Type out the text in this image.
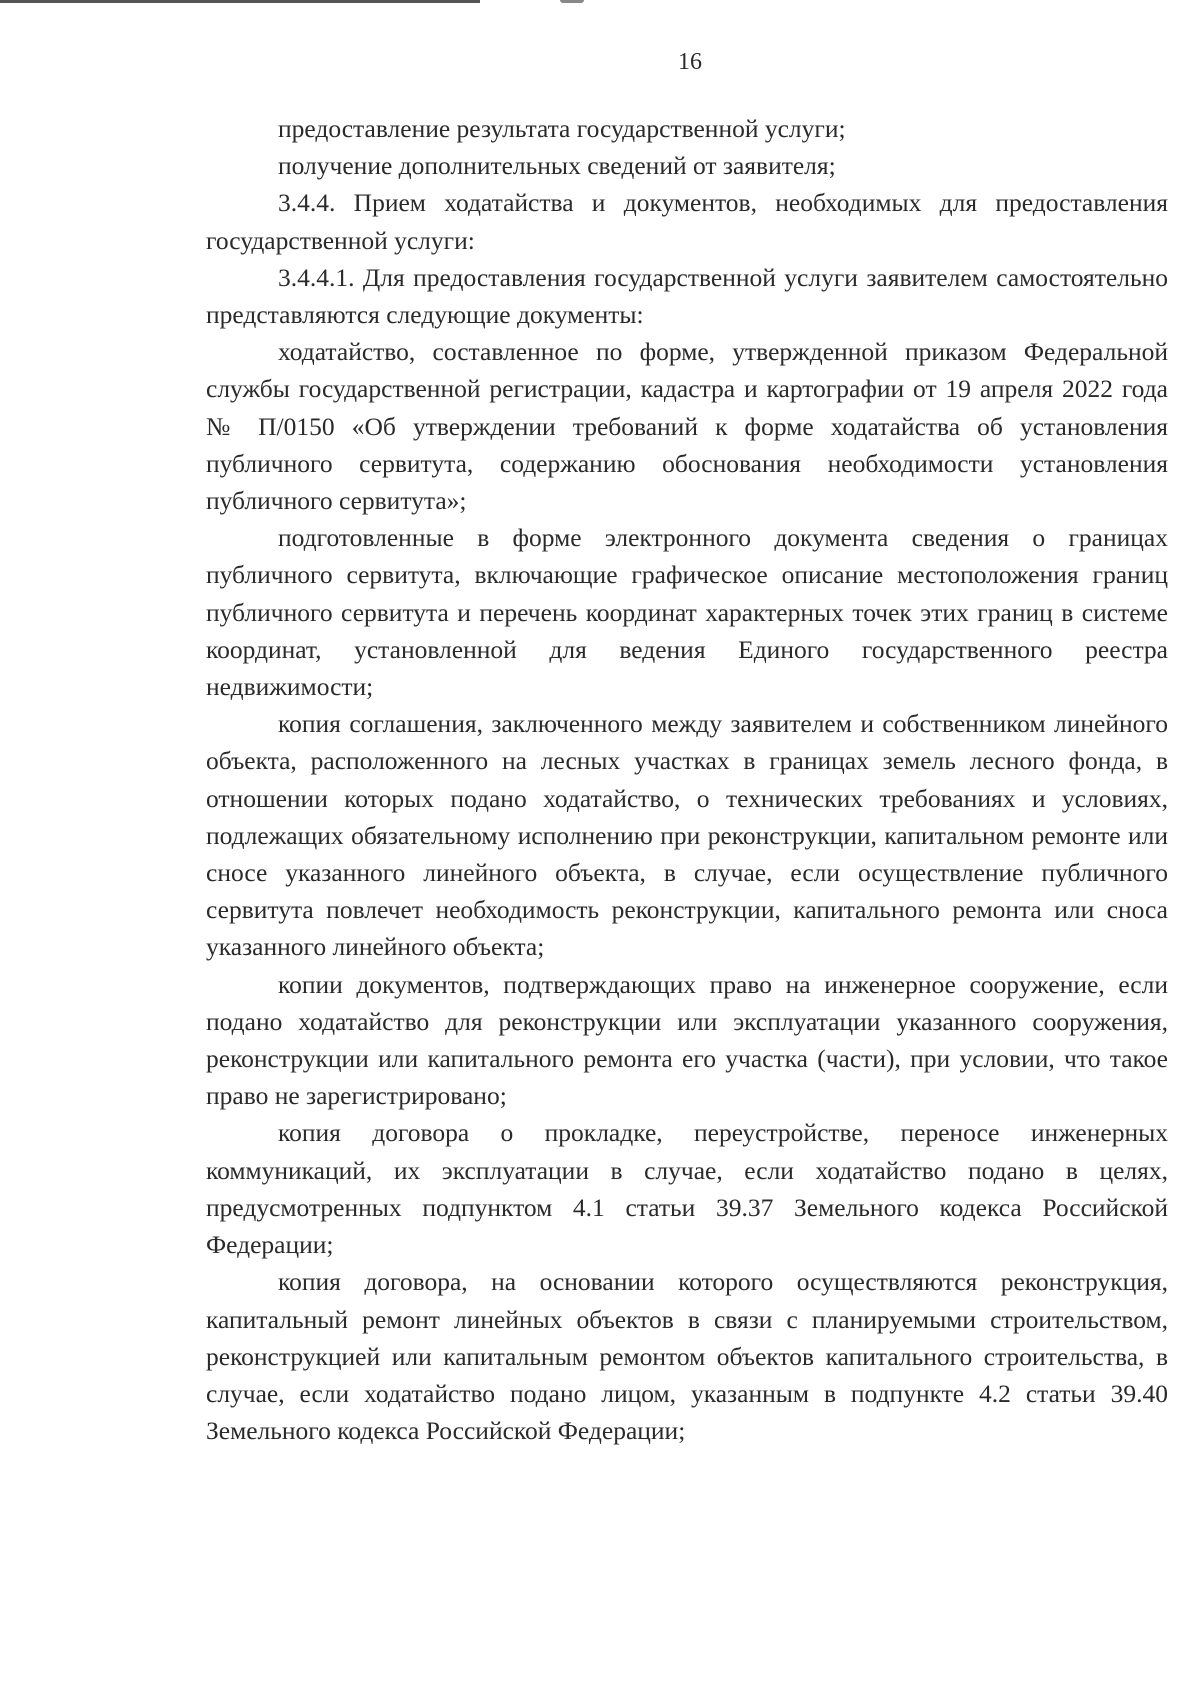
16

предоставление результата государственной услуги;

получение дополнительных сведений от заявителя;

3.4.4. Прием ходатайства и документов, необходимых для предоставления государственной услуги:

3.4.4.1. Для предоставления государственной услуги заявителем самостоятельно представляются следующие документы:

ходатайство, составленное по форме, утвержденной приказом Федеральной службы государственной регистрации, кадастра и картографии от 19 апреля 2022 года № П/0150 «Об утверждении требований к форме ходатайства об установления публичного сервитута, содержанию обоснования необходимости установления публичного сервитута»;

подготовленные в форме электронного документа сведения о границах публичного сервитута, включающие графическое описание местоположения границ публичного сервитута и перечень координат характерных точек этих границ в системе координат, установленной для ведения Единого государственного реестра недвижимости;

копия соглашения, заключенного между заявителем и собственником линейного объекта, расположенного на лесных участках в границах земель лесного фонда, в отношении которых подано ходатайство, о технических требованиях и условиях, подлежащих обязательному исполнению при реконструкции, капитальном ремонте или сносе указанного линейного объекта, в случае, если осуществление публичного сервитута повлечет необходимость реконструкции, капитального ремонта или сноса указанного линейного объекта;

копии документов, подтверждающих право на инженерное сооружение, если подано ходатайство для реконструкции или эксплуатации указанного сооружения, реконструкции или капитального ремонта его участка (части), при условии, что такое право не зарегистрировано;

копия договора о прокладке, переустройстве, переносе инженерных коммуникаций, их эксплуатации в случае, если ходатайство подано в целях, предусмотренных подпунктом 4.1 статьи 39.37 Земельного кодекса Российской Федерации;

копия договора, на основании которого осуществляются реконструкция, капитальный ремонт линейных объектов в связи с планируемыми строительством, реконструкцией или капитальным ремонтом объектов капитального строительства, в случае, если ходатайство подано лицом, указанным в подпункте 4.2 статьи 39.40 Земельного кодекса Российской Федерации;
